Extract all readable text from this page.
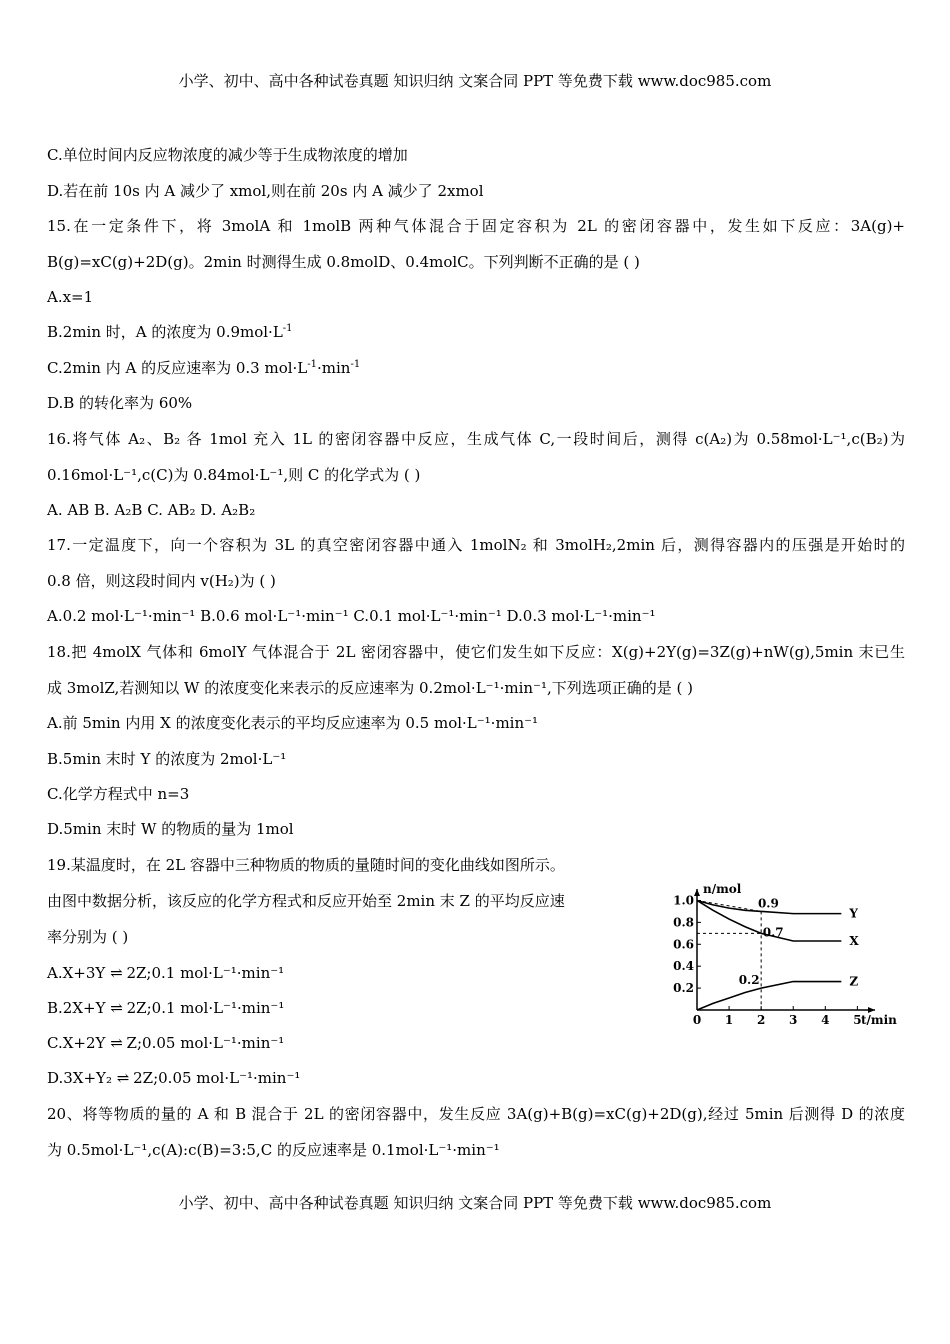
小学、初中、高中各种试卷真题 知识归纳 文案合同 PPT 等免费下载 www.doc985.com
C.单位时间内反应物浓度的减少等于生成物浓度的增加
D.若在前 10s 内 A 减少了 xmol,则在前 20s 内 A 减少了 2xmol
15.在一定条件下，将 3molA 和 1molB 两种气体混合于固定容积为 2L 的密闭容器中，发生如下反应：3A(g)+
B(g)=xC(g)+2D(g)。2min 时测得生成 0.8molD、0.4molC。下列判断不正确的是 ( )
A.x=1
B.2min 时，A 的浓度为 $0.9mol\cdot L^{-1}$
C.2min 内 A 的反应速率为 0.3 $mol\cdot L^{-1}\cdot\min^{-1}$
D.B 的转化率为 60%
16.将气体 A₂、B₂ 各 1mol 充入 1L 的密闭容器中反应，生成气体 C,一段时间后，测得 c(A₂)为 0.58mol·L⁻¹,c(B₂)为
0.16mol·L⁻¹,c(C)为 0.84mol·L⁻¹,则 C 的化学式为 ( )
A. AB B. A₂B C. AB₂ D. A₂B₂
17.一定温度下，向一个容积为 3L 的真空密闭容器中通入 1molN₂ 和 3molH₂,2min 后，测得容器内的压强是开始时的
0.8 倍，则这段时间内 v(H₂)为 ( )
A.0.2 mol·L⁻¹·min⁻¹ B.0.6 mol·L⁻¹·min⁻¹ C.0.1 mol·L⁻¹·min⁻¹ D.0.3 mol·L⁻¹·min⁻¹
18.把 4molX 气体和 6molY 气体混合于 2L 密闭容器中，使它们发生如下反应：X(g)+2Y(g)=3Z(g)+nW(g),5min 末已生
成 3molZ,若测知以 W 的浓度变化来表示的反应速率为 0.2mol·L⁻¹·min⁻¹,下列选项正确的是 ( )
A.前 5min 内用 X 的浓度变化表示的平均反应速率为 0.5 mol·L⁻¹·min⁻¹
B.5min 末时 Y 的浓度为 2mol·L⁻¹
C.化学方程式中 n=3
D.5min 末时 W 的物质的量为 1mol
19.某温度时，在 2L 容器中三种物质的物质的量随时间的变化曲线如图所示。
由图中数据分析，该反应的化学方程式和反应开始至 2min 末 Z 的平均反应速
率分别为 ( )
A.X+3Y ⇌ 2Z;0.1 mol·L⁻¹·min⁻¹
B.2X+Y ⇌ 2Z;0.1 mol·L⁻¹·min⁻¹
C.X+2Y ⇌ Z;0.05 mol·L⁻¹·min⁻¹
D.3X+Y₂ ⇌ 2Z;0.05 mol·L⁻¹·min⁻¹
0 1 2 3 4 5
0.2
0.4
0.6
0.8
1.0
n/mol
t/min
Y
X
Z
0.9
0.7
0.2
20、将等物质的量的 A 和 B 混合于 2L 的密闭容器中，发生反应 3A(g)+B(g)=xC(g)+2D(g),经过 5min 后测得 D 的浓度
为 0.5mol·L⁻¹,c(A):c(B)=3:5,C 的反应速率是 0.1mol·L⁻¹·min⁻¹
小学、初中、高中各种试卷真题 知识归纳 文案合同 PPT 等免费下载 www.doc985.com
